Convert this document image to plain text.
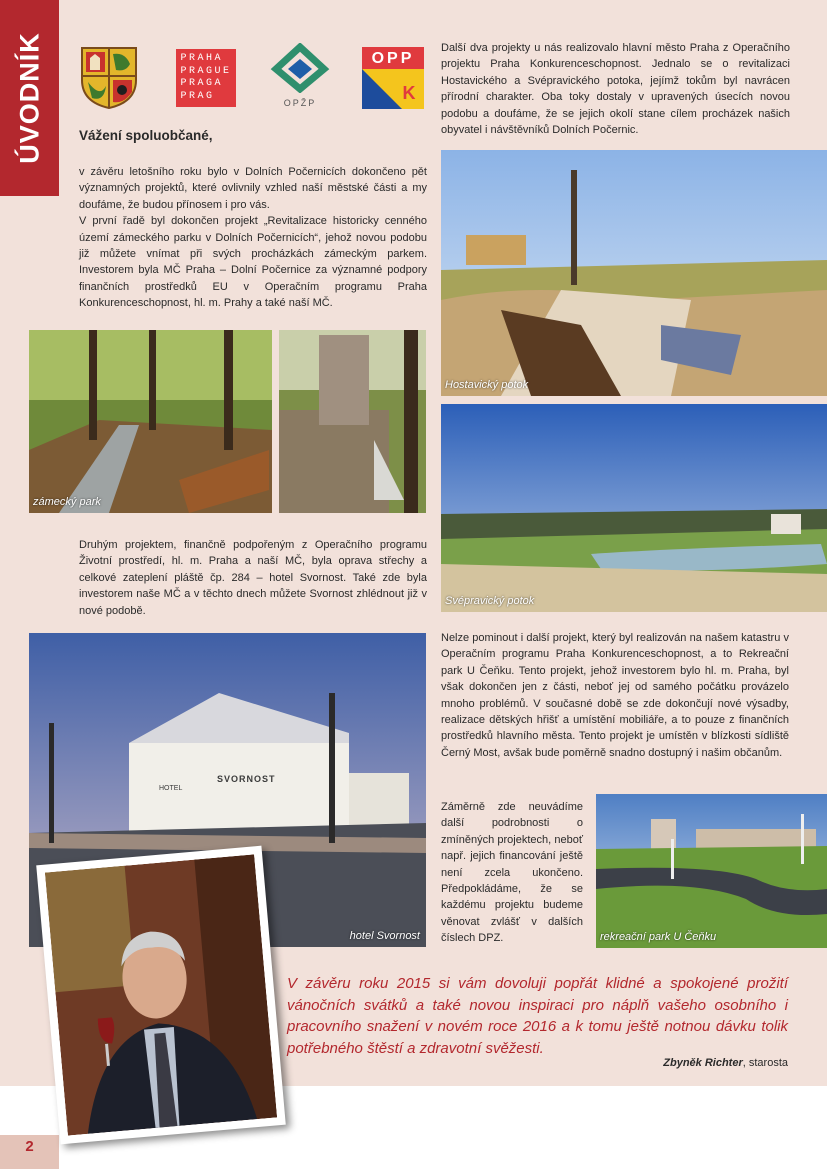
ÚVODNÍK
2
PRAHA
PRAGUE
PRAGA
PRAG
OPŽP
OPP
K
Vážení spoluobčané,

v závěru letošního roku bylo v Dolních Počernicích dokončeno pět významných projektů, které ovlivnily vzhled naší městské části a my doufáme, že budou přínosem i pro vás.

V první řadě byl dokončen projekt „Revitalizace historicky cenného území zámeckého parku v Dolních Počernicích“, jehož novou podobu již můžete vnímat při svých procházkách zámeckým parkem. Investorem byla MČ Praha – Dolní Počernice za významné podpory finančních prostředků EU v Operačním programu Praha Konkurenceschopnost, hl. m. Prahy a také naší MČ.

zámecký park

Druhým projektem, finančně podpořeným z Operačního programu Životní prostředí, hl. m. Praha a naší MČ, byla oprava střechy a celkové zateplení pláště čp. 284 – hotel Svornost. Také zde byla investorem naše MČ a v těchto dnech můžete Svornost zhlédnout již v nové podobě.

SVORNOST
HOTEL
hotel Svornost

Další dva projekty u nás realizovalo hlavní město Praha z Operačního projektu Praha Konkurenceschopnost. Jednalo se o revitalizaci Hostavického a Svépravického potoka, jejímž tokům byl navrácen přírodní charakter. Oba toky dostaly v upravených úsecích novou podobu a doufáme, že se jejich okolí stane cílem procházek našich obyvatel i návštěvníků Dolních Počernic.

Hostavický potok
Svépravický potok

Nelze pominout i další projekt, který byl realizován na našem katastru v Operačním programu Praha Konkurenceschopnost, a to Rekreační park U Čeňku. Tento projekt, jehož investorem bylo hl. m. Praha, byl však dokončen jen z části, neboť jej od samého počátku provázelo mnoho problémů. V současné době se zde dokončují nové výsadby, realizace dětských hřišť a umístění mobiliáře, a to pouze z finančních prostředků hlavního města. Tento projekt je umístěn v blízkosti sídliště Černý Most, avšak bude poměrně snadno dostupný i našim občanům.

Záměrně zde neuvádíme další podrobnosti o zmíněných projektech, neboť např. jejich financování ještě není zcela ukončeno. Předpokládáme, že se každému projektu budeme věnovat zvlášť v dalších číslech DPZ.	rekreační park U Čeňku
V závěru roku 2015 si vám dovoluji popřát klidné a spokojené prožití vánočních svátků a také novou inspiraci pro náplň vašeho osobního i pracovního snažení v novém roce 2016 a k tomu ještě notnou dávku tolik potřebného štěstí a zdravotní svěžesti.
Zbyněk Richter, starosta
